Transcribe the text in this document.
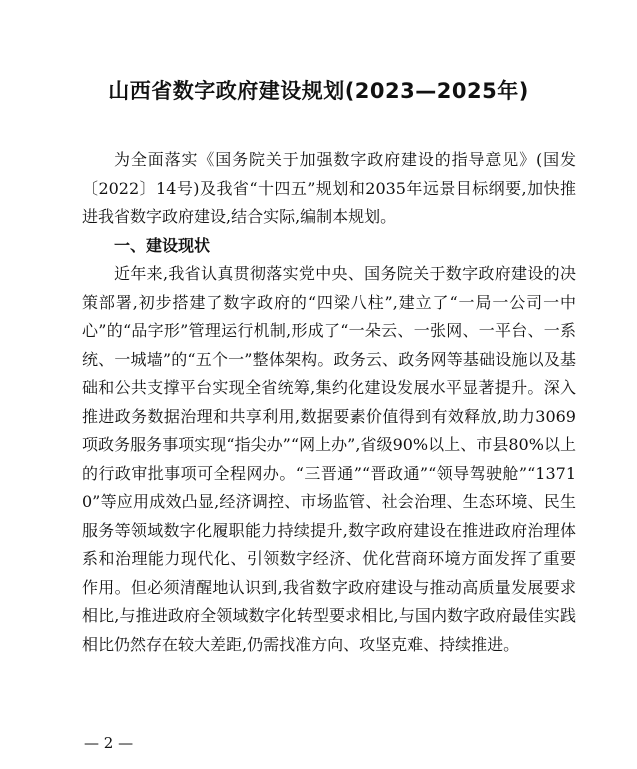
山西省数字政府建设规划(2023—2025年)

为全面落实《国务院关于加强数字政府建设的指导意见》(国发〔2022〕14号)及我省“十四五”规划和2035年远景目标纲要,加快推进我省数字政府建设,结合实际,编制本规划。

一、建设现状

近年来,我省认真贯彻落实党中央、国务院关于数字政府建设的决策部署,初步搭建了数字政府的“四梁八柱”,建立了“一局一公司一中心”的“品字形”管理运行机制,形成了“一朵云、一张网、一平台、一系统、一城墙”的“五个一”整体架构。政务云、政务网等基础设施以及基础和公共支撑平台实现全省统筹,集约化建设发展水平显著提升。深入推进政务数据治理和共享利用,数据要素价值得到有效释放,助力3069项政务服务事项实现“指尖办”“网上办”,省级90%以上、市县80%以上的行政审批事项可全程网办。“三晋通”“晋政通”“领导驾驶舱”“13710”等应用成效凸显,经济调控、市场监管、社会治理、生态环境、民生服务等领域数字化履职能力持续提升,数字政府建设在推进政府治理体系和治理能力现代化、引领数字经济、优化营商环境方面发挥了重要作用。但必须清醒地认识到,我省数字政府建设与推动高质量发展要求相比,与推进政府全领域数字化转型要求相比,与国内数字政府最佳实践相比仍然存在较大差距,仍需找准方向、攻坚克难、持续推进。

— 2 —
